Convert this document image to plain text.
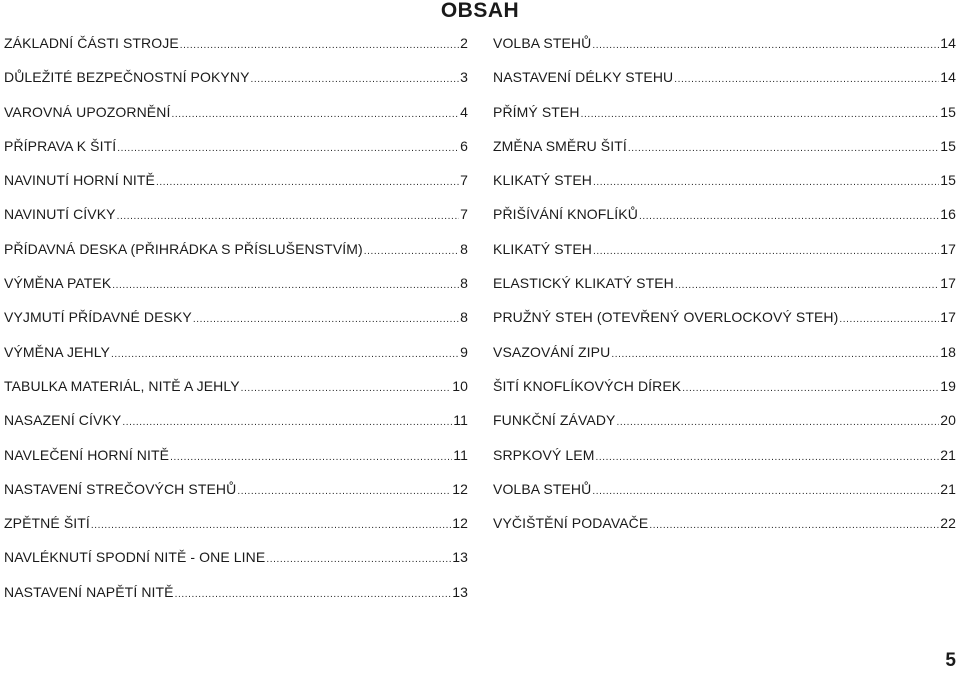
OBSAH
ZÁKLADNÍ ČÁSTI STROJE .....	2
DŮLEŽITÉ BEZPEČNOSTNÍ POKYNY .....	3
VAROVNÁ UPOZORNĚNÍ .....	4
PŘÍPRAVA K ŠITÍ .....	6
NAVINUTÍ HORNÍ NITĚ .....	7
NAVINUTÍ CÍVKY .....	7
PŘÍDAVNÁ DESKA (PŘIHRÁDKA S PŘÍSLUŠENSTVÍM) .....	8
VÝMĚNA PATEK .....	8
VYJMUTÍ PŘÍDAVNÉ DESKY .....	8
VÝMĚNA JEHLY .....	9
TABULKA MATERIÁL, NITĚ A JEHLY .....	10
NASAZENÍ CÍVKY .....	11
NAVLEČENÍ HORNÍ NITĚ .....	11
NASTAVENÍ STREČOVÝCH STEHŮ .....	12
ZPĚTNÉ ŠITÍ .....	12
NAVLÉKNUTÍ SPODNÍ NITĚ - ONE LINE .....	13
NASTAVENÍ NAPĚTÍ NITĚ .....	13
VOLBA STEHŮ .....	14
NASTAVENÍ DÉLKY STEHU .....	14
PŘÍMÝ STEH .....	15
ZMĚNA SMĚRU ŠITÍ .....	15
KLIKATÝ STEH .....	15
PŘIŠÍVÁNÍ KNOFLÍKŮ .....	16
KLIKATÝ STEH .....	17
ELASTICKÝ KLIKATÝ STEH .....	17
PRUŽNÝ STEH (OTEVŘENÝ OVERLOCKOVÝ STEH) .....	17
VSAZOVÁNÍ ZIPU .....	18
ŠITÍ KNOFLÍKOVÝCH DÍREK .....	19
FUNKČNÍ ZÁVADY .....	20
SRPKOVÝ LEM .....	21
VOLBA STEHŮ .....	21
VYČIŠTĚNÍ PODAVAČE .....	22
5
